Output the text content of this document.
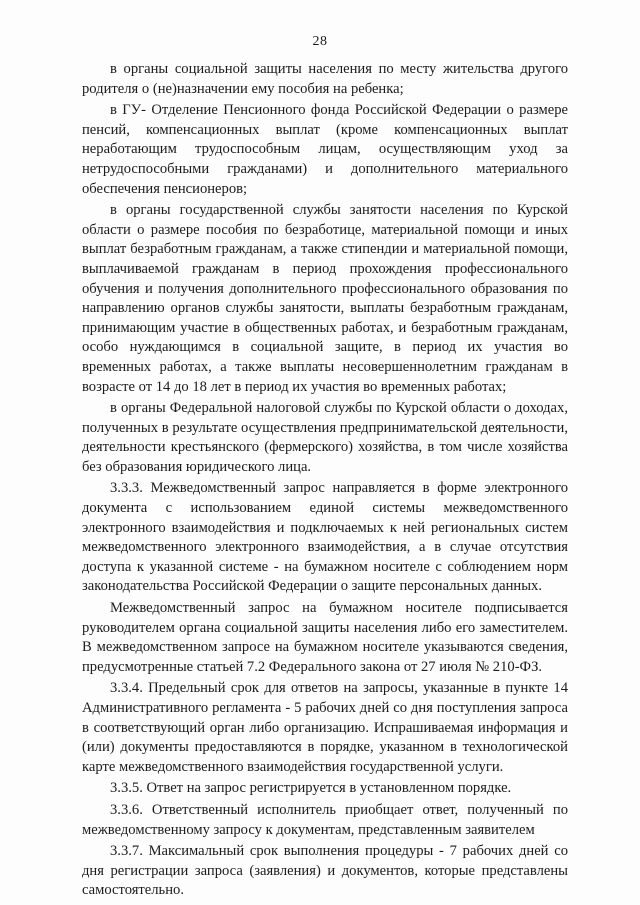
28

в органы социальной защиты населения по месту жительства другого родителя о (не)назначении ему пособия на ребенка;

в ГУ- Отделение Пенсионного фонда Российской Федерации о размере пенсий, компенсационных выплат (кроме компенсационных выплат неработающим трудоспособным лицам, осуществляющим уход за нетрудоспособными гражданами) и дополнительного материального обеспечения пенсионеров;

в органы государственной службы занятости населения по Курской области о размере пособия по безработице, материальной помощи и иных выплат безработным гражданам, а также стипендии и материальной помощи, выплачиваемой гражданам в период прохождения профессионального обучения и получения дополнительного профессионального образования по направлению органов службы занятости, выплаты безработным гражданам, принимающим участие в общественных работах, и безработным гражданам, особо нуждающимся в социальной защите, в период их участия во временных работах, а также выплаты несовершеннолетним гражданам в возрасте от 14 до 18 лет в период их участия во временных работах;

в органы Федеральной налоговой службы по Курской области о доходах, полученных в результате осуществления предпринимательской деятельности, деятельности крестьянского (фермерского) хозяйства, в том числе хозяйства без образования юридического лица.

3.3.3. Межведомственный запрос направляется в форме электронного документа с использованием единой системы межведомственного электронного взаимодействия и подключаемых к ней региональных систем межведомственного электронного взаимодействия, а в случае отсутствия доступа к указанной системе - на бумажном носителе с соблюдением норм законодательства Российской Федерации о защите персональных данных.

Межведомственный запрос на бумажном носителе подписывается руководителем органа социальной защиты населения либо его заместителем. В межведомственном запросе на бумажном носителе указываются сведения, предусмотренные статьей 7.2 Федерального закона от 27 июля № 210-ФЗ.

3.3.4. Предельный срок для ответов на запросы, указанные в пункте 14 Административного регламента - 5 рабочих дней со дня поступления запроса в соответствующий орган либо организацию. Испрашиваемая информация и (или) документы предоставляются в порядке, указанном в технологической карте межведомственного взаимодействия государственной услуги.

3.3.5. Ответ на запрос регистрируется в установленном порядке.

3.3.6. Ответственный исполнитель приобщает ответ, полученный по межведомственному запросу к документам, представленным заявителем

3.3.7. Максимальный срок выполнения процедуры - 7 рабочих дней со дня регистрации запроса (заявления) и документов, которые представлены самостоятельно.
